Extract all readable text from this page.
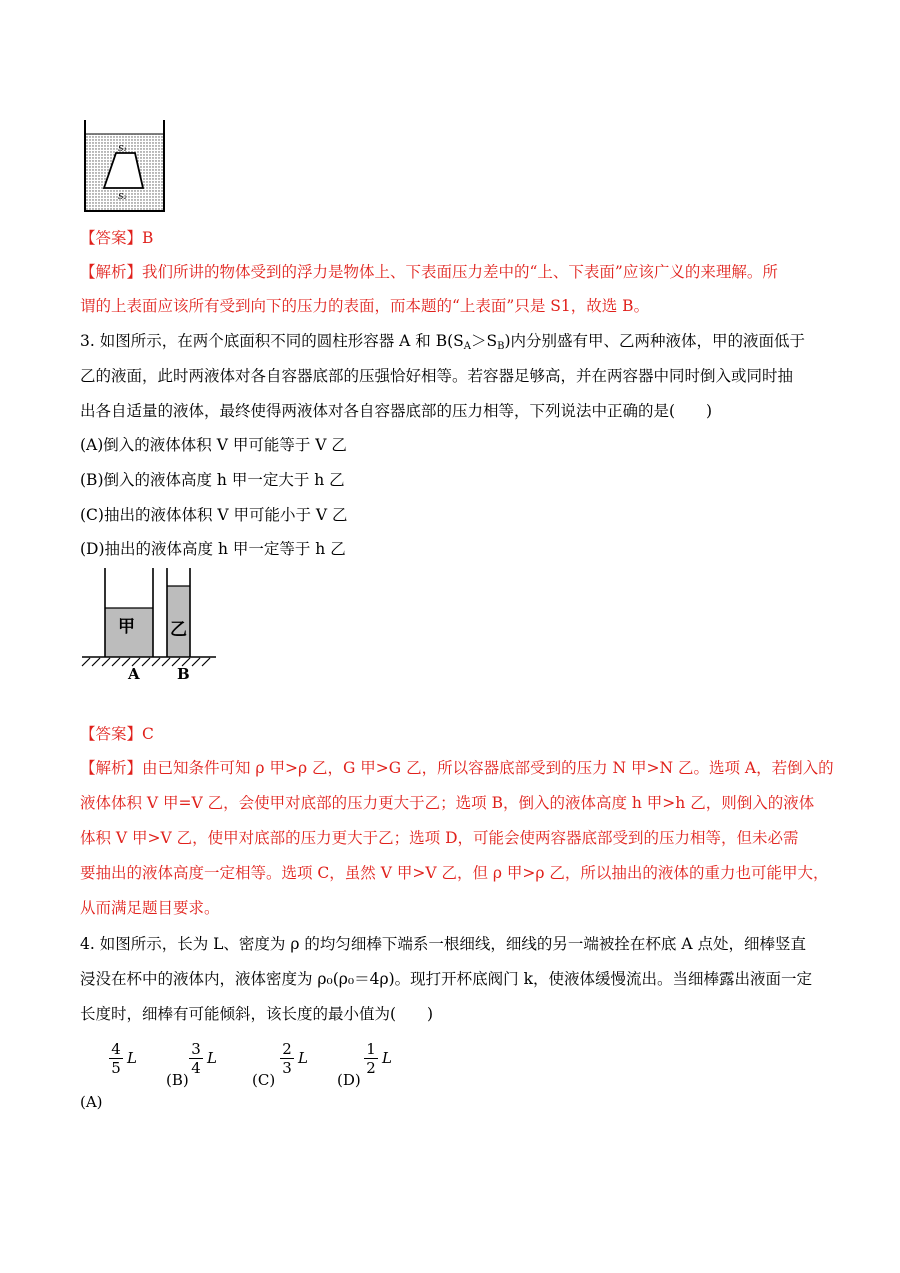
S₁
S₂
【答案】B
【解析】我们所讲的物体受到的浮力是物体上、下表面压力差中的“上、下表面”应该广义的来理解。所
谓的上表面应该所有受到向下的压力的表面，而本题的“上表面”只是 S1，故选 B。
3. 如图所示，在两个底面积不同的圆柱形容器 A 和 $B(S_A>S_B)$内分别盛有甲、乙两种液体，甲的液面低于
乙的液面，此时两液体对各自容器底部的压强恰好相等。若容器足够高，并在两容器中同时倒入或同时抽
出各自适量的液体，最终使得两液体对各自容器底部的压力相等，下列说法中正确的是(　　)
(A)倒入的液体体积 V 甲可能等于 V 乙
(B)倒入的液体高度 h 甲一定大于 h 乙
(C)抽出的液体体积 V 甲可能小于 V 乙
(D)抽出的液体高度 h 甲一定等于 h 乙
甲 乙
A B
【答案】C
【解析】由已知条件可知 ρ 甲>ρ 乙，G 甲>G 乙，所以容器底部受到的压力 N 甲>N 乙。选项 A，若倒入的
液体体积 V 甲=V 乙，会使甲对底部的压力更大于乙；选项 B，倒入的液体高度 h 甲>h 乙，则倒入的液体
体积 V 甲>V 乙，使甲对底部的压力更大于乙；选项 D，可能会使两容器底部受到的压力相等，但未必需
要抽出的液体高度一定相等。选项 C，虽然 V 甲>V 乙，但 ρ 甲>ρ 乙，所以抽出的液体的重力也可能甲大，
从而满足题目要求。
4. 如图所示，长为 L、密度为 ρ 的均匀细棒下端系一根细线，细线的另一端被拴在杯底 A 点处，细棒竖直
浸没在杯中的液体内，液体密度为 ρ₀(ρ₀＝4ρ)。现打开杯底阀门 k，使液体缓慢流出。当细棒露出液面一定
长度时，细棒有可能倾斜，该长度的最小值为(　　)
4
5
L
(A)
(B)
3
4
L
(C)
2
3
L
(D)
1
2
L
